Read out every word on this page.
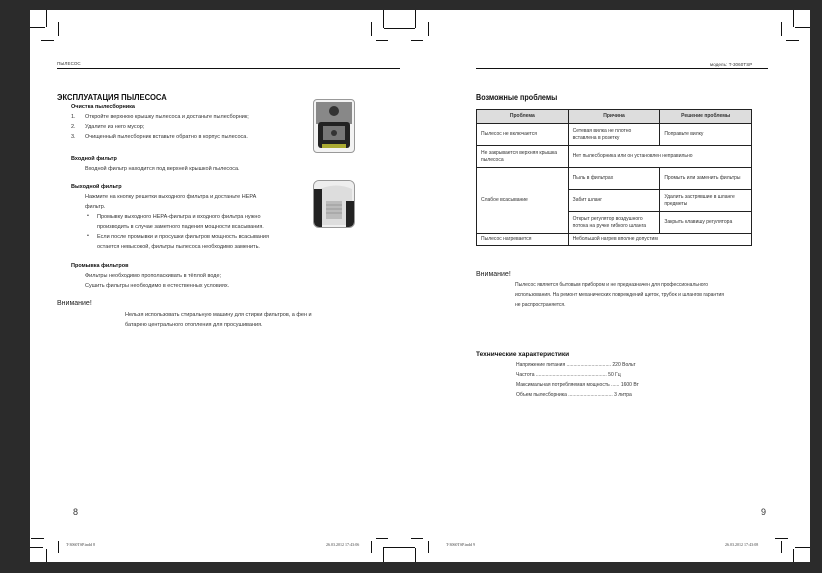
ПЫЛЕСОС
ЭКСПЛУАТАЦИЯ ПЫЛЕСОСА
Очистка пылесборника
1. Откройте верхнюю крышку пылесоса и достаньте пылесборник;
2. Удалите из него мусор;
3. Очищенный пылесборник вставьте обратно в корпус пылесоса.
Входной фильтр
Входной фильтр находится под верхней крышкой пылесоса.
Выходной фильтр
Нажмите на кнопку решетки выходного фильтра и достаньте HEPA
фильтр.
• Промывку выходного HEPA-фильтра и входного фильтра нужно
производить в случае заметного падения мощности всасывания.
• Если после промывки и просушки фильтров мощность всасывания
остается невысокой, фильтры пылесоса необходимо заменить.
Промывка фильтров
Фильтры необходимо прополаскивать в тёплой воде;
Сушить фильтры необходимо в естественных условиях.
Внимание!
Нельзя использовать стиральную машину для стирки фильтров, а фен и
батарею центрального отопления для просушивания.
8
T-3060TSP.indd 8	26.03.2012 17:43:06
модель: T-3060TSP
Возможные проблемы
Проблема	Причина	Решение проблемы
Пылесос не включается	Сетевая вилка не плотно вставлена в розетку	Поправьте вилку
Не закрывается верхняя крышка пылесоса	Нет пылесборника или он установлен неправильно	
Слабое всасывание	Пыль в фильтрах	Промыть или заменить фильтры
	Забит шланг	Удалить застрявшие в шланге предметы
	Открыт регулятор воздушного потока на ручке гибкого шланга	Закрыть клавишу регулятора
Пылесос нагревается	Небольшой нагрев вполне допустим	
Внимание!
Пылесос является бытовым прибором и не предназначен для профессионального
использования. На ремонт механических повреждений щеток, трубок и шлангов гарантия
не распространяется.
Технические характеристики
Напряжение питания ................................ 220 Вольт
Частота ................................................... 50 Гц
Максимальная потребляемая мощность ...... 1600 Вт
Объем пылесборника ................................ 3 литра
9
T-3060TSP.indd 9	26.03.2012 17:43:08
